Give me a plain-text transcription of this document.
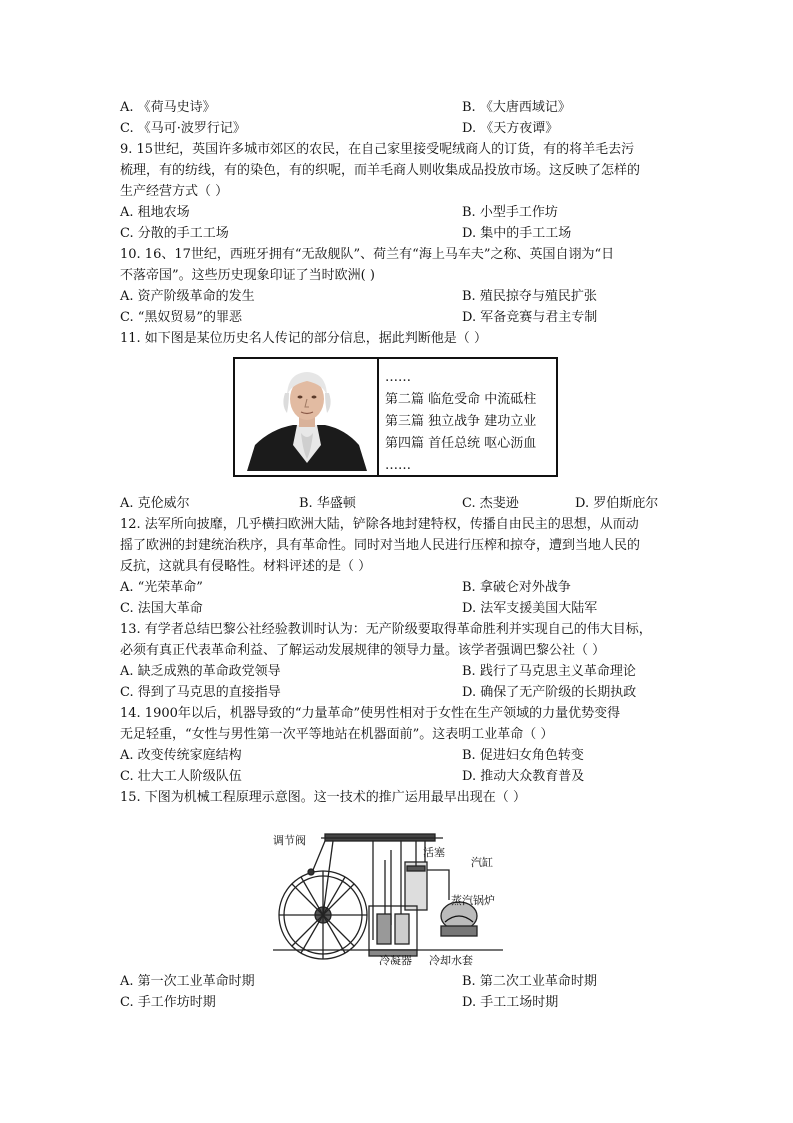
A. 《荷马史诗》	B. 《大唐西域记》
C. 《马可·波罗行记》	D. 《天方夜谭》
9. 15世纪，英国许多城市郊区的农民，在自己家里接受呢绒商人的订货，有的将羊毛去污
梳理，有的纺线，有的染色，有的织呢，而羊毛商人则收集成品投放市场。这反映了怎样的
生产经营方式（ ）
A. 租地农场	B. 小型手工作坊
C. 分散的手工工场	D. 集中的手工工场
10. 16、17世纪，西班牙拥有“无敌舰队”、荷兰有“海上马车夫”之称、英国自诩为“日
不落帝国”。这些历史现象印证了当时欧洲( )
A. 资产阶级革命的发生	B. 殖民掠夺与殖民扩张
C. “黑奴贸易”的罪恶	D. 军备竞赛与君主专制
11. 如下图是某位历史名人传记的部分信息，据此判断他是（ ）
……
第二篇 临危受命 中流砥柱
第三篇 独立战争 建功立业
第四篇 首任总统 呕心沥血
……
A. 克伦威尔	B. 华盛顿	C. 杰斐逊	D. 罗伯斯庇尔
12. 法军所向披靡，几乎横扫欧洲大陆，铲除各地封建特权，传播自由民主的思想，从而动
摇了欧洲的封建统治秩序，具有革命性。同时对当地人民进行压榨和掠夺，遭到当地人民的
反抗，这就具有侵略性。材料评述的是（ ）
A. “光荣革命”	B. 拿破仑对外战争
C. 法国大革命	D. 法军支援美国大陆军
13. 有学者总结巴黎公社经验教训时认为：无产阶级要取得革命胜利并实现自己的伟大目标，
必须有真正代表革命利益、了解运动发展规律的领导力量。该学者强调巴黎公社（ ）
A. 缺乏成熟的革命政党领导	B. 践行了马克思主义革命理论
C. 得到了马克思的直接指导	D. 确保了无产阶级的长期执政
14. 1900年以后，机器导致的“力量革命”使男性相对于女性在生产领域的力量优势变得
无足轻重，“女性与男性第一次平等地站在机器面前”。这表明工业革命（ ）
A. 改变传统家庭结构	B. 促进妇女角色转变
C. 壮大工人阶级队伍	D. 推动大众教育普及
15. 下图为机械工程原理示意图。这一技术的推广运用最早出现在（ ）
调节阀
活塞
汽缸
蒸汽锅炉
冷凝器 冷却水套
A. 第一次工业革命时期	B. 第二次工业革命时期
C. 手工作坊时期	D. 手工工场时期
